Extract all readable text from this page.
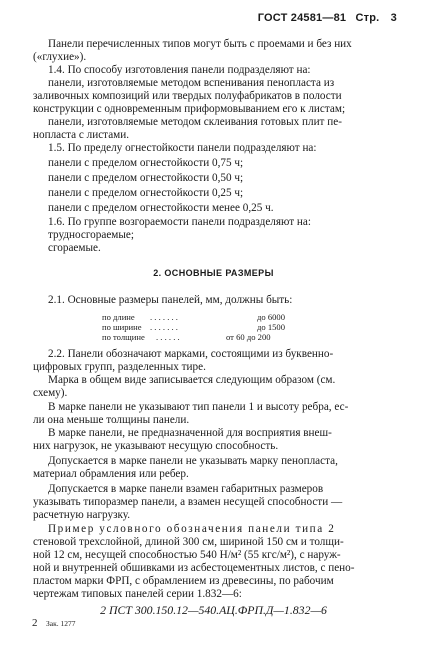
ГОСТ 24581—81 Стр. 3
Панели перечисленных типов могут быть с проемами и без них
(«глухие»).
1.4. По способу изготовления панели подразделяют на:
панели, изготовляемые методом вспенивания пенопласта из
заливочных композиций или твердых полуфабрикатов в полости
конструкции с одновременным приформовыванием его к листам;
панели, изготовляемые методом склеивания готовых плит пе-
нопласта с листами.
1.5. По пределу огнестойкости панели подразделяют на:
панели с пределом огнестойкости 0,75 ч;
панели с пределом огнестойкости 0,50 ч;
панели с пределом огнестойкости 0,25 ч;
панели с пределом огнестойкости менее 0,25 ч.
1.6. По группе возгораемости панели подразделяют на:
трудносгораемые;
сгораемые.
2. ОСНОВНЫЕ РАЗМЕРЫ
2.1. Основные размеры панелей, мм, должны быть:
по длине . . . . . . .	до 6000
по ширине . . . . . . .	до 1500
по толщине . . . . . .	от 60 до 200
2.2. Панели обозначают марками, состоящими из буквенно-
цифровых групп, разделенных тире.
Марка в общем виде записывается следующим образом (см.
схему).
В марке панели не указывают тип панели 1 и высоту ребра, ес-
ли она меньше толщины панели.
В марке панели, не предназначенной для восприятия внеш-
них нагрузок, не указывают несущую способность.
Допускается в марке панели не указывать марку пенопласта,
материал обрамления или ребер.
Допускается в марке панели взамен габаритных размеров
указывать типоразмер панели, а взамен несущей способности —
расчетную нагрузку.
Пример условного обозначения панели типа 2
стеновой трехслойной, длиной 300 см, шириной 150 см и толщи-
ной 12 см, несущей способностью 540 Н/м² (55 кгс/м²), с наруж-
ной и внутренней обшивками из асбестоцементных листов, с пено-
пластом марки ФРП, с обрамлением из древесины, по рабочим
чертежам типовых панелей серии 1.832—6:
2 ПСТ 300.150.12—540.АЦ.ФРП.Д—1.832—6
2 Зак. 1277
